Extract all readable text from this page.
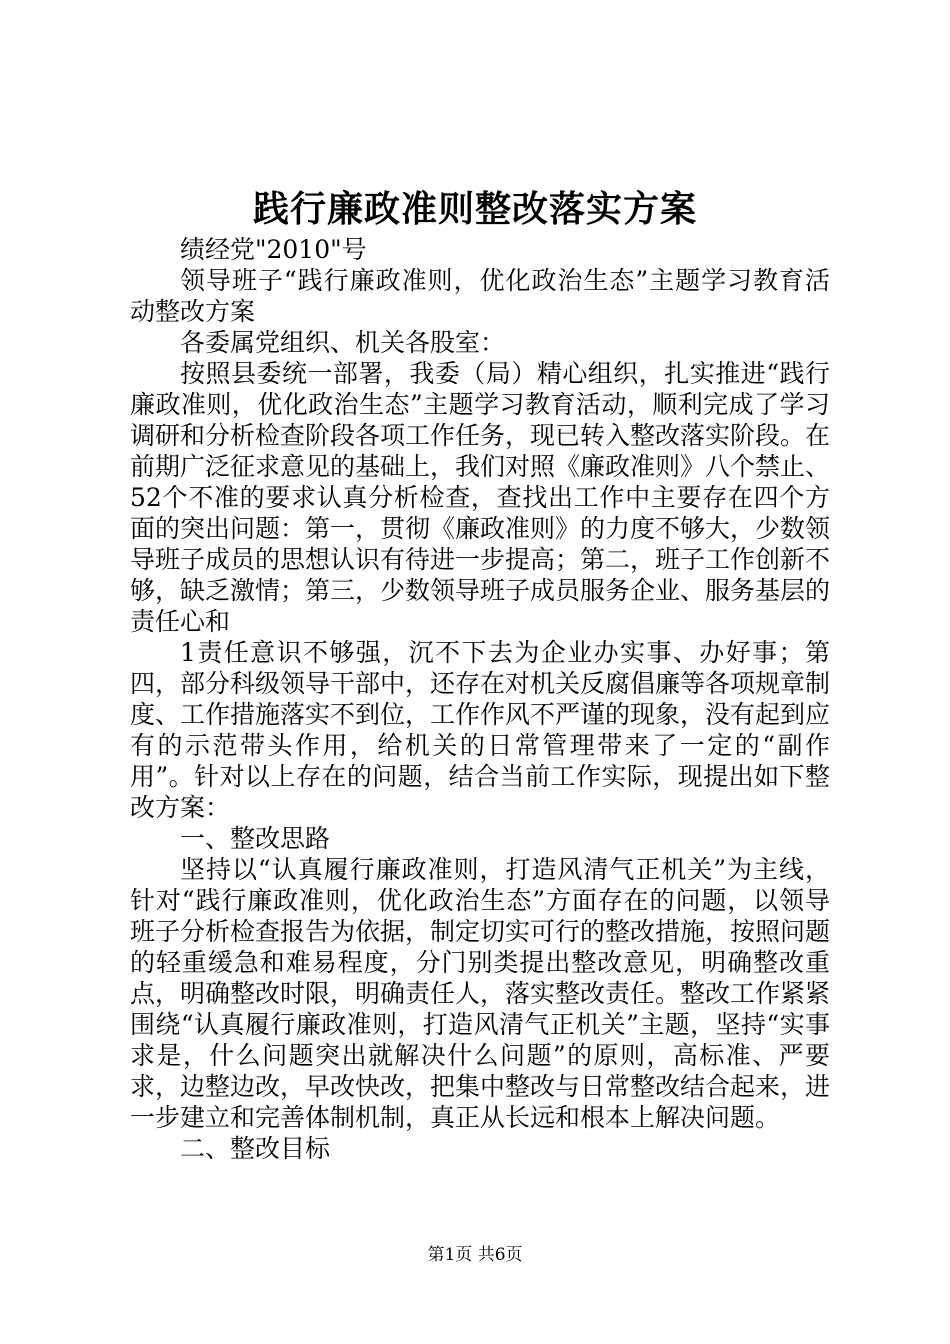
践行廉政准则整改落实方案

绩经党"2010"号

领导班子“践行廉政准则，优化政治生态”主题学习教育活动整改方案

各委属党组织、机关各股室：

按照县委统一部署，我委（局）精心组织，扎实推进“践行廉政准则，优化政治生态”主题学习教育活动，顺利完成了学习调研和分析检查阶段各项工作任务，现已转入整改落实阶段。在前期广泛征求意见的基础上，我们对照《廉政准则》八个禁止、52个不准的要求认真分析检查，查找出工作中主要存在四个方面的突出问题：第一，贯彻《廉政准则》的力度不够大，少数领导班子成员的思想认识有待进一步提高；第二，班子工作创新不够，缺乏激情；第三，少数领导班子成员服务企业、服务基层的责任心和

1责任意识不够强，沉不下去为企业办实事、办好事；第四，部分科级领导干部中，还存在对机关反腐倡廉等各项规章制度、工作措施落实不到位，工作作风不严谨的现象，没有起到应有的示范带头作用，给机关的日常管理带来了一定的“副作用”。针对以上存在的问题，结合当前工作实际，现提出如下整改方案：

一、整改思路

坚持以“认真履行廉政准则，打造风清气正机关”为主线，针对“践行廉政准则，优化政治生态”方面存在的问题，以领导班子分析检查报告为依据，制定切实可行的整改措施，按照问题的轻重缓急和难易程度，分门别类提出整改意见，明确整改重点，明确整改时限，明确责任人，落实整改责任。整改工作紧紧围绕“认真履行廉政准则，打造风清气正机关”主题，坚持“实事求是，什么问题突出就解决什么问题”的原则，高标准、严要求，边整边改，早改快改，把集中整改与日常整改结合起来，进一步建立和完善体制机制，真正从长远和根本上解决问题。

二、整改目标

第1页 共6页
